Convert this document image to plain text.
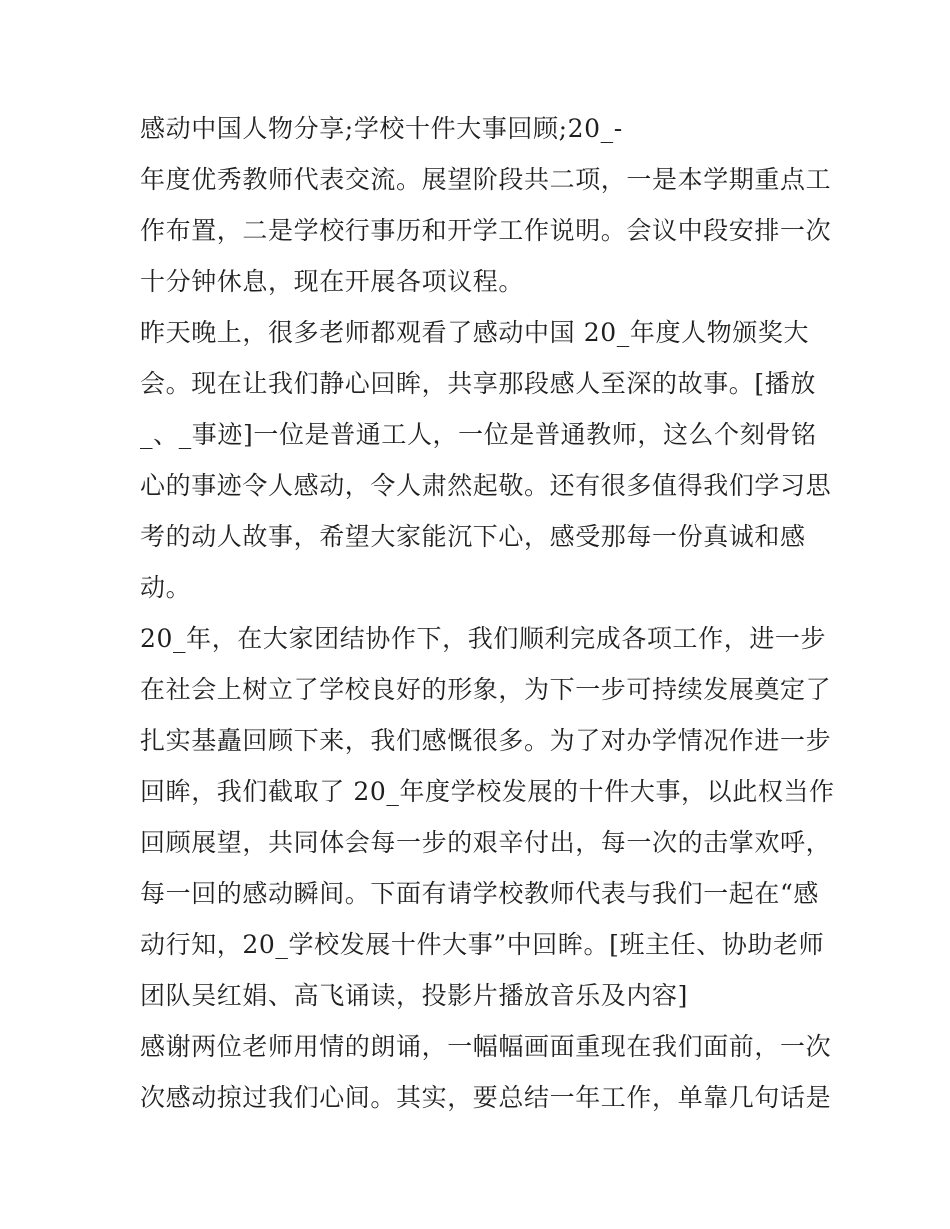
感动中国人物分享;学校十件大事回顾;20_-
年度优秀教师代表交流。展望阶段共二项，一是本学期重点工
作布置，二是学校行事历和开学工作说明。会议中段安排一次
十分钟休息，现在开展各项议程。
昨天晚上，很多老师都观看了感动中国 20_年度人物颁奖大
会。现在让我们静心回眸，共享那段感人至深的故事。[播放
_、_事迹]一位是普通工人，一位是普通教师，这么个刻骨铭
心的事迹令人感动，令人肃然起敬。还有很多值得我们学习思
考的动人故事，希望大家能沉下心，感受那每一份真诚和感
动。
20_年，在大家团结协作下，我们顺利完成各项工作，进一步
在社会上树立了学校良好的形象，为下一步可持续发展奠定了
扎实基矗回顾下来，我们感慨很多。为了对办学情况作进一步
回眸，我们截取了 20_年度学校发展的十件大事，以此权当作
回顾展望，共同体会每一步的艰辛付出，每一次的击掌欢呼，
每一回的感动瞬间。下面有请学校教师代表与我们一起在“感
动行知，20_学校发展十件大事”中回眸。[班主任、协助老师
团队吴红娟、高飞诵读，投影片播放音乐及内容]
感谢两位老师用情的朗诵，一幅幅画面重现在我们面前，一次
次感动掠过我们心间。其实，要总结一年工作，单靠几句话是
